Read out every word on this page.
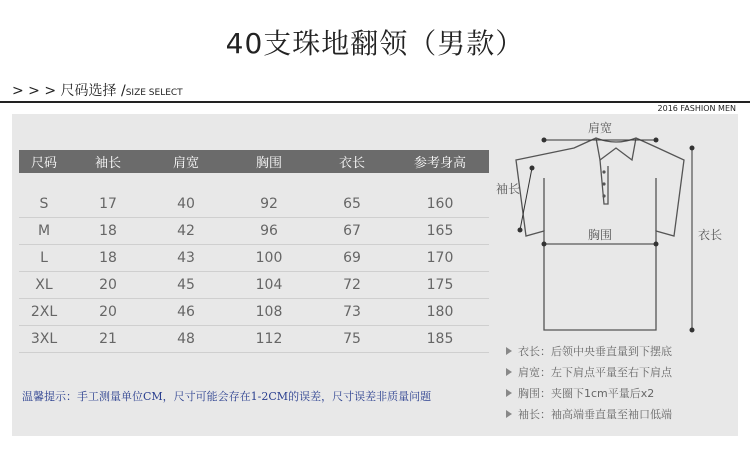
40支珠地翻领（男款）
> > > 尺码选择 /SIZE SELECT
2016 FASHION MEN
尺码	袖长	肩宽	胸围	衣长	参考身高
S	17	40	92	65	160
M	18	42	96	67	165
L	18	43	100	69	170
XL	20	45	104	72	175
2XL	20	46	108	73	180
3XL	21	48	112	75	185
温馨提示：手工测量单位CM，尺寸可能会存在1-2CM的误差，尺寸误差非质量问题
肩宽
袖长
胸围	衣长
衣长：后领中央垂直量到下摆底
肩宽：左下肩点平量至右下肩点
胸围：夹圈下1cm平量后x2
袖长：袖高端垂直量至袖口低端
